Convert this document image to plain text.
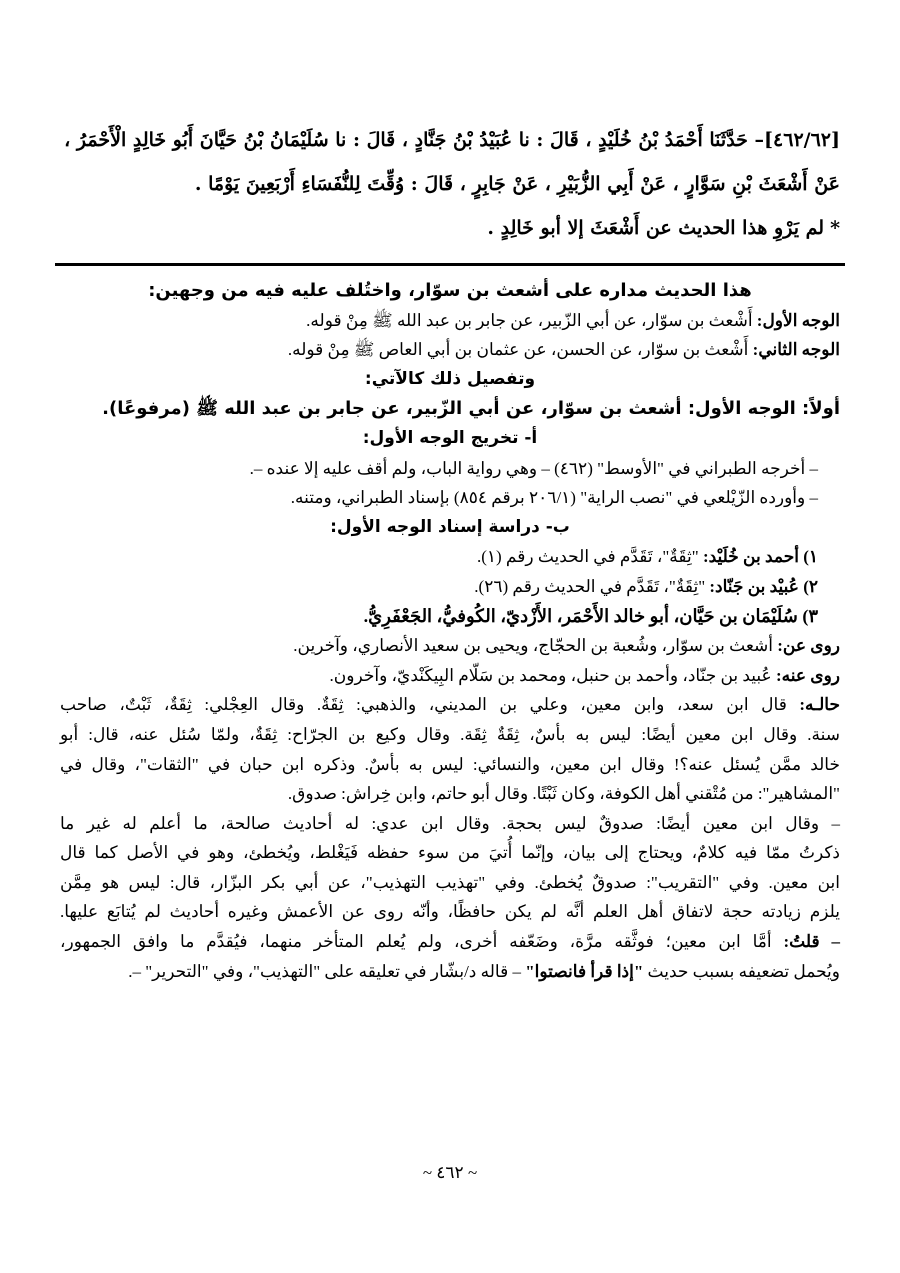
[٤٦٢/٦٢]– حَدَّثَنَا أَحْمَدُ بْنُ خُلَيْدٍ ، قَالَ : نا عُبَيْدُ بْنُ جَنَّادٍ ، قَالَ : نا سُلَيْمَانُ بْنُ حَيَّانَ أَبُو خَالِدٍ الْأَحْمَرُ ،

عَنْ أَشْعَثَ بْنِ سَوَّارٍ ، عَنْ أَبِي الزُّبَيْرِ ، عَنْ جَابِرٍ ، قَالَ : وُقِّتَ لِلنُّفَسَاءِ أَرْبَعِينَ يَوْمًا .

*لم يَرْوِ هذا الحديث عن أَشْعَثَ إلا أبو خَالِدٍ .

هذا الحديث مداره على أشعث بن سوّار، واختُلف عليه فيه من وجهين:

الوجه الأول: أَشْعث بن سوّار، عن أبي الزّبير، عن جابر بن عبد الله ﷺ مِنْ قوله.

الوجه الثاني: أَشْعث بن سوّار، عن الحسن، عن عثمان بن أبي العاص ﷺ مِنْ قوله.

وتفصيل ذلك كالآتي:

أولاً: الوجه الأول: أشعث بن سوّار، عن أبي الزّبير، عن جابر بن عبد الله ﷺ (مرفوعًا).

أ- تخريج الوجه الأول:

– أخرجه الطبراني في "الأوسط" (٤٦٢) – وهي رواية الباب، ولم أقف عليه إلا عنده –.

– وأورده الزّيْلعي في "نصب الراية" (٢٠٦/١ برقم ٨٥٤) بإسناد الطبراني، ومتنه.

ب- دراسة إسناد الوجه الأول:

١) أحمد بن خُلَيْد: "ثِقَةٌ"، تَقَدَّم في الحديث رقم (١).

٢) عُبيْد بن جَنّاد: "ثِقَةٌ"، تَقَدَّم في الحديث رقم (٢٦).

٣) سُلَيْمَان بن حَيَّان، أبو خالد الأَحْمَر، الأَزْديّ، الكُوفيُّ، الجَعْفَرِيُّ.

روى عن: أشعث بن سوّار، وشُعبة بن الحجّاج، ويحيى بن سعيد الأنصاري، وآخرين.

روى عنه: عُبيد بن جنّاد، وأحمد بن حنبل، ومحمد بن سَلّام البِيكَنْديّ، وآخرون.

حالـه: قال ابن سعد، وابن معين، وعلي بن المديني، والذهبي: ثِقَةٌ. وقال العِجْلي: ثِقَةٌ، ثَبْتٌ، صاحب

سنة. وقال ابن معين أيضًا: ليس به بأسٌ، ثِقَةٌ ثِقَة. وقال وكيع بن الجرّاح: ثِقَةٌ، ولمّا سُئل عنه، قال: أبو

خالد ممَّن يُسئل عنه؟! وقال ابن معين، والنسائي: ليس به بأسٌ. وذكره ابن حبان في "الثقات"، وقال في

"المشاهير": من مُتْقني أهل الكوفة، وكان ثَبْتًا. وقال أبو حاتم، وابن خِراش: صدوق.

– وقال ابن معين أيضًا: صدوقٌ ليس بحجة. وقال ابن عدي: له أحاديث صالحة، ما أعلم له غير ما

ذكرتُ ممّا فيه كلامٌ، ويحتاج إلى بيان، وإنّما أُتيَ من سوء حفظه فَيَغْلط، ويُخطئ، وهو في الأصل كما قال

ابن معين. وفي "التقريب": صدوقٌ يُخطئ. وفي "تهذيب التهذيب"، عن أبي بكر البزّار، قال: ليس هو مِمَّن

يلزم زيادته حجة لاتفاق أهل العلم أنَّه لم يكن حافظًا، وأنّه روى عن الأعمش وغيره أحاديث لم يُتابَع عليها.

– قلتُ: أمَّا ابن معين؛ فوثَّقه مرَّة، وضَعّفه أخرى، ولم يُعلم المتأخر منهما، فيُقدَّم ما وافق الجمهور،

ويُحمل تضعيفه بسبب حديث "إذا قرأ فانصتوا" – قاله د/بشّار في تعليقه على "التهذيب"، وفي "التحرير" –.

~ ٤٦٢ ~
